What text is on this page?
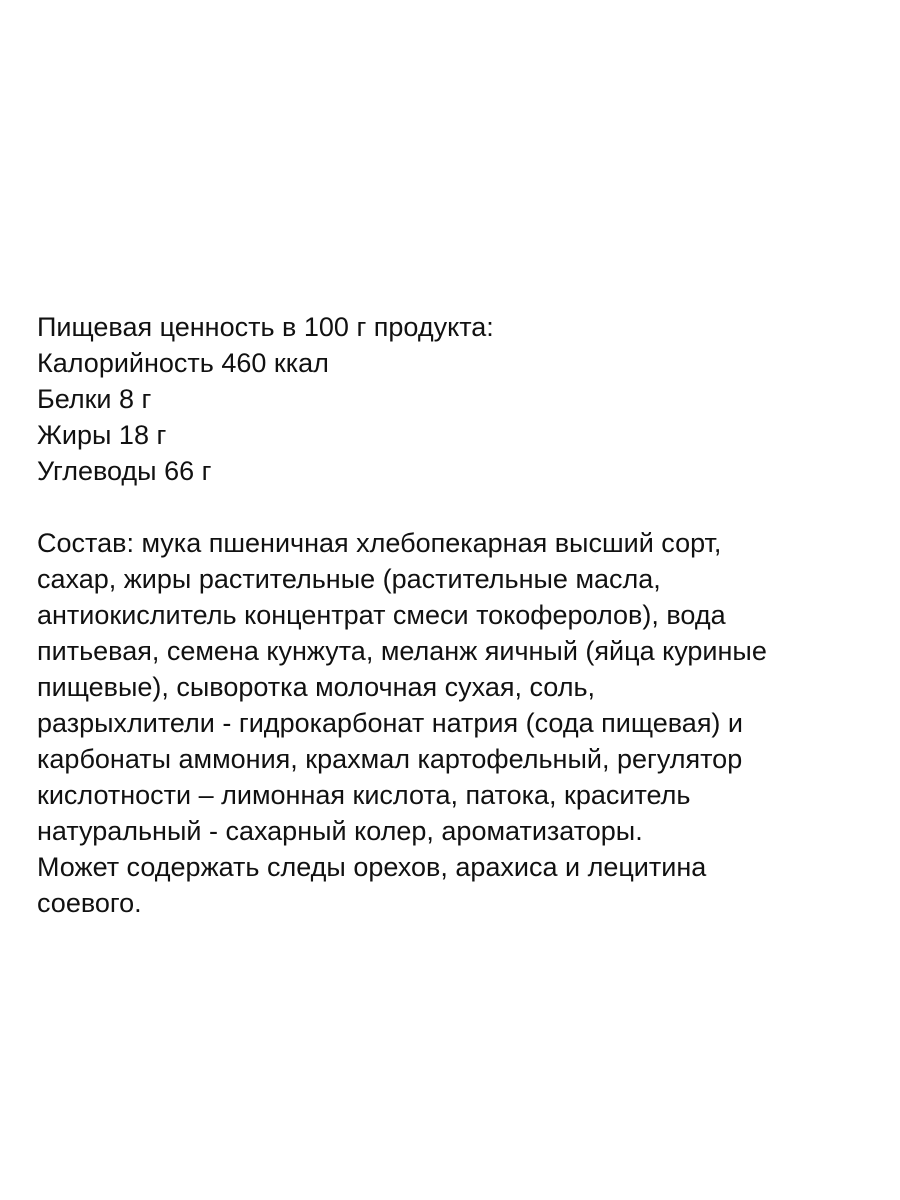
Пищевая ценность в 100 г продукта:
Калорийность 460 ккал
Белки 8 г
Жиры 18 г
Углеводы 66 г
Состав: мука пшеничная хлебопекарная высший сорт,
сахар, жиры растительные (растительные масла,
антиокислитель концентрат смеси токоферолов), вода
питьевая, семена кунжута, меланж яичный (яйца куриные
пищевые), сыворотка молочная сухая, соль,
разрыхлители - гидрокарбонат натрия (сода пищевая) и
карбонаты аммония, крахмал картофельный, регулятор
кислотности – лимонная кислота, патока, краситель
натуральный - сахарный колер, ароматизаторы.
Может содержать следы орехов, арахиса и лецитина
соевого.
